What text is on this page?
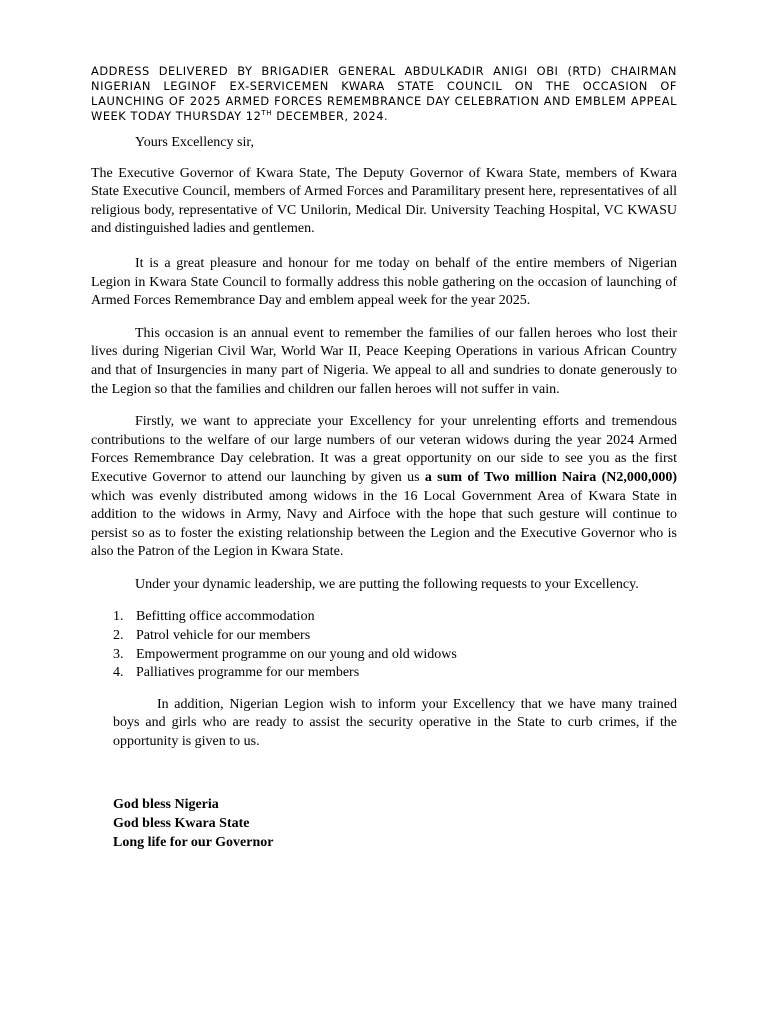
ADDRESS DELIVERED BY BRIGADIER GENERAL ABDULKADIR ANIGI OBI (RTD) CHAIRMAN NIGERIAN LEGINOF EX-SERVICEMEN KWARA STATE COUNCIL ON THE OCCASION OF LAUNCHING OF 2025 ARMED FORCES REMEMBRANCE DAY CELEBRATION AND EMBLEM APPEAL WEEK TODAY THURSDAY 12TH DECEMBER, 2024.

Yours Excellency sir,

The Executive Governor of Kwara State, The Deputy Governor of Kwara State, members of Kwara State Executive Council, members of Armed Forces and Paramilitary present here, representatives of all religious body, representative of VC Unilorin, Medical Dir. University Teaching Hospital, VC KWASU and distinguished ladies and gentlemen.

It is a great pleasure and honour for me today on behalf of the entire members of Nigerian Legion in Kwara State Council to formally address this noble gathering on the occasion of launching of Armed Forces Remembrance Day and emblem appeal week for the year 2025.

This occasion is an annual event to remember the families of our fallen heroes who lost their lives during Nigerian Civil War, World War II, Peace Keeping Operations in various African Country and that of Insurgencies in many part of Nigeria. We appeal to all and sundries to donate generously to the Legion so that the families and children our fallen heroes will not suffer in vain.

Firstly, we want to appreciate your Excellency for your unrelenting efforts and tremendous contributions to the welfare of our large numbers of our veteran widows during the year 2024 Armed Forces Remembrance Day celebration. It was a great opportunity on our side to see you as the first Executive Governor to attend our launching by given us a sum of Two million Naira (N2,000,000) which was evenly distributed among widows in the 16 Local Government Area of Kwara State in addition to the widows in Army, Navy and Airfoce with the hope that such gesture will continue to persist so as to foster the existing relationship between the Legion and the Executive Governor who is also the Patron of the Legion in Kwara State.

Under your dynamic leadership, we are putting the following requests to your Excellency.

1. Befitting office accommodation
2. Patrol vehicle for our members
3. Empowerment programme on our young and old widows
4. Palliatives programme for our members

In addition, Nigerian Legion wish to inform your Excellency that we have many trained boys and girls who are ready to assist the security operative in the State to curb crimes, if the opportunity is given to us.

God bless Nigeria

God bless Kwara State

Long life for our Governor
